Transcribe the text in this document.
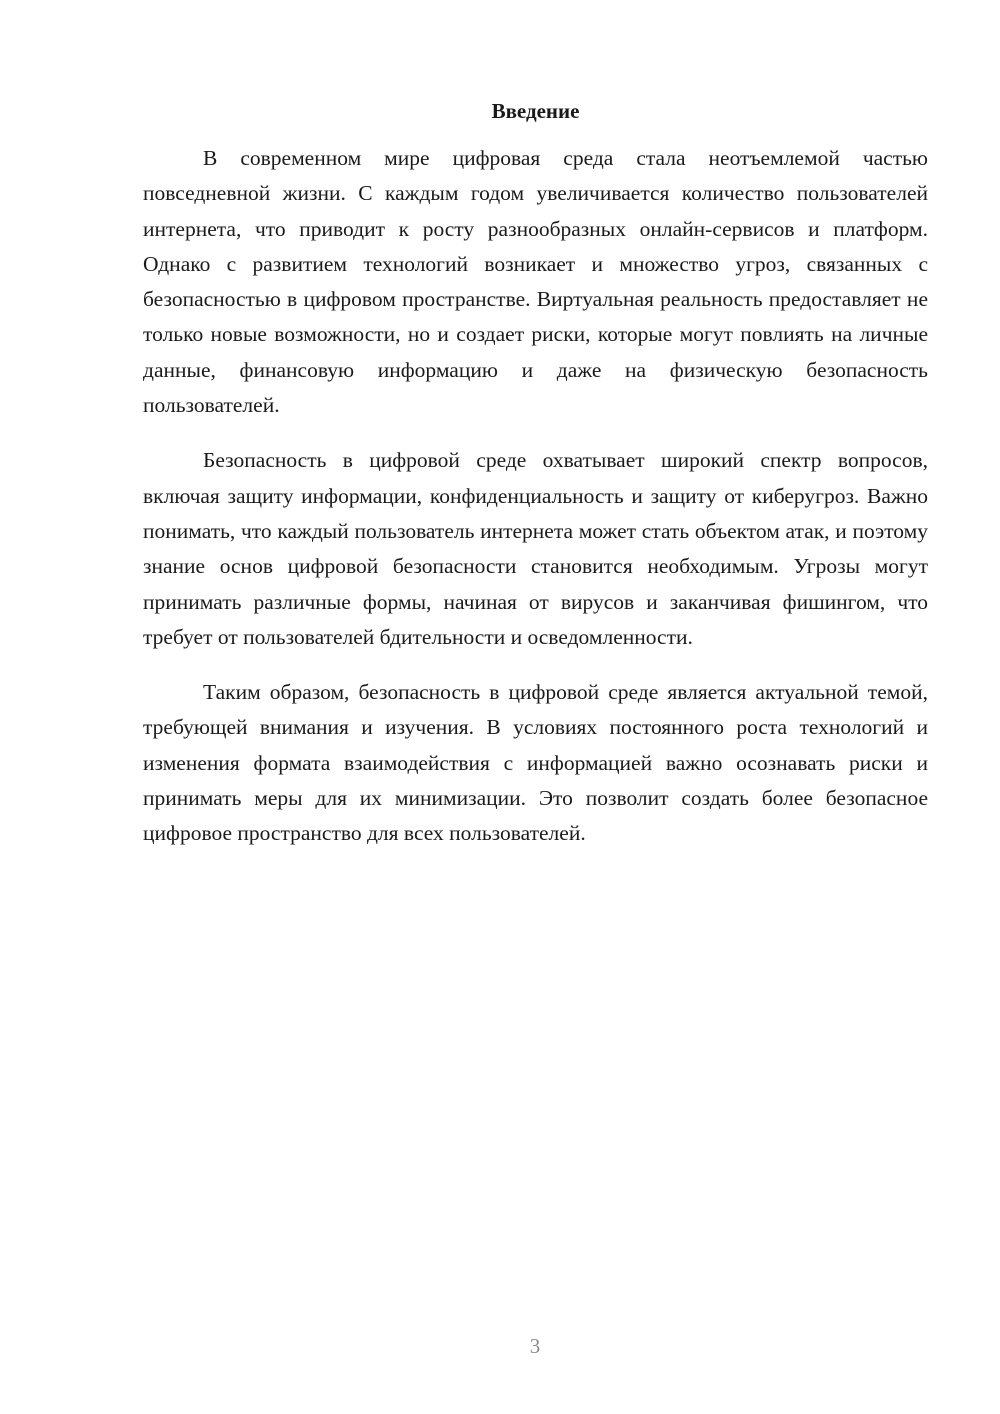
Введение

В современном мире цифровая среда стала неотъемлемой частью повседневной жизни. С каждым годом увеличивается количество пользователей интернета, что приводит к росту разнообразных онлайн-сервисов и платформ. Однако с развитием технологий возникает и множество угроз, связанных с безопасностью в цифровом пространстве. Виртуальная реальность предоставляет не только новые возможности, но и создает риски, которые могут повлиять на личные данные, финансовую информацию и даже на физическую безопасность пользователей.

Безопасность в цифровой среде охватывает широкий спектр вопросов, включая защиту информации, конфиденциальность и защиту от киберугроз. Важно понимать, что каждый пользователь интернета может стать объектом атак, и поэтому знание основ цифровой безопасности становится необходимым. Угрозы могут принимать различные формы, начиная от вирусов и заканчивая фишингом, что требует от пользователей бдительности и осведомленности.

Таким образом, безопасность в цифровой среде является актуальной темой, требующей внимания и изучения. В условиях постоянного роста технологий и изменения формата взаимодействия с информацией важно осознавать риски и принимать меры для их минимизации. Это позволит создать более безопасное цифровое пространство для всех пользователей.

3
